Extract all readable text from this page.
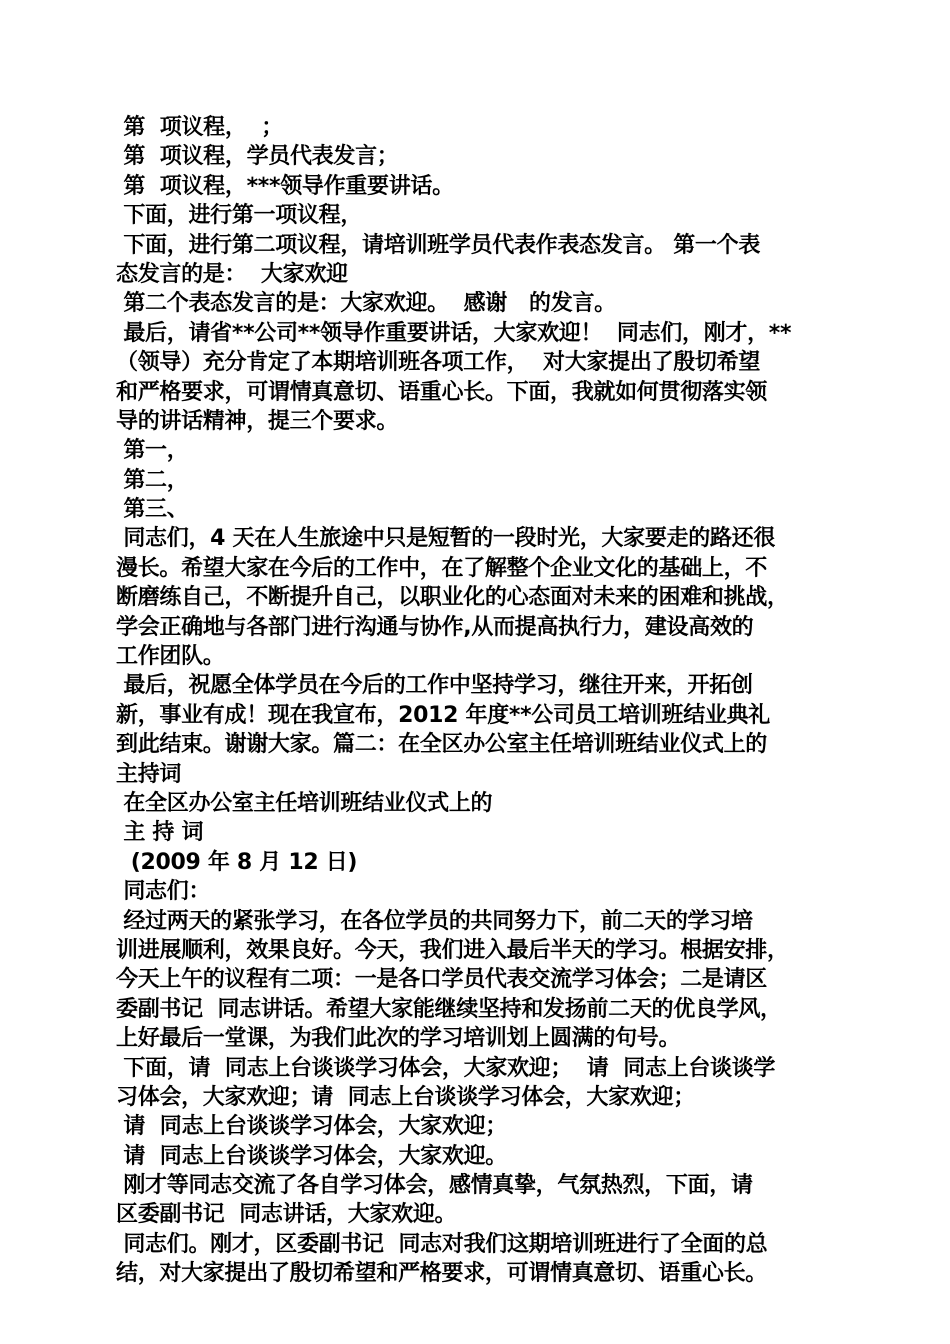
第  项议程，  ；
第  项议程，学员代表发言；
第  项议程，***领导作重要讲话。
下面，进行第一项议程，
下面，进行第二项议程，请培训班学员代表作表态发言。 第一个表
态发言的是：  大家欢迎
第二个表态发言的是：大家欢迎。  感谢   的发言。
最后，请省**公司**领导作重要讲话，大家欢迎！  同志们，刚才，**
（领导）充分肯定了本期培训班各项工作，  对大家提出了殷切希望
和严格要求，可谓情真意切、语重心长。下面，我就如何贯彻落实领
导的讲话精神，提三个要求。
第一，
第二，
第三、
同志们，4 天在人生旅途中只是短暂的一段时光，大家要走的路还很
漫长。希望大家在今后的工作中，在了解整个企业文化的基础上，不
断磨练自己，不断提升自己，以职业化的心态面对未来的困难和挑战，
学会正确地与各部门进行沟通与协作,从而提高执行力，建设高效的
工作团队。
最后，祝愿全体学员在今后的工作中坚持学习，继往开来，开拓创
新，事业有成！现在我宣布，2012 年度**公司员工培训班结业典礼
到此结束。谢谢大家。篇二：在全区办公室主任培训班结业仪式上的
主持词
在全区办公室主任培训班结业仪式上的
主 持 词
(2009 年 8 月 12 日)
同志们：
经过两天的紧张学习，在各位学员的共同努力下，前二天的学习培
训进展顺利，效果良好。今天，我们进入最后半天的学习。根据安排，
今天上午的议程有二项：一是各口学员代表交流学习体会；二是请区
委副书记  同志讲话。希望大家能继续坚持和发扬前二天的优良学风，
上好最后一堂课，为我们此次的学习培训划上圆满的句号。
下面，请  同志上台谈谈学习体会，大家欢迎；  请  同志上台谈谈学
习体会，大家欢迎；请  同志上台谈谈学习体会，大家欢迎；
请  同志上台谈谈学习体会，大家欢迎；
请  同志上台谈谈学习体会，大家欢迎。
刚才等同志交流了各自学习体会，感情真挚，气氛热烈，下面，请
区委副书记  同志讲话，大家欢迎。
同志们。刚才，区委副书记  同志对我们这期培训班进行了全面的总
结，对大家提出了殷切希望和严格要求，可谓情真意切、语重心长。
